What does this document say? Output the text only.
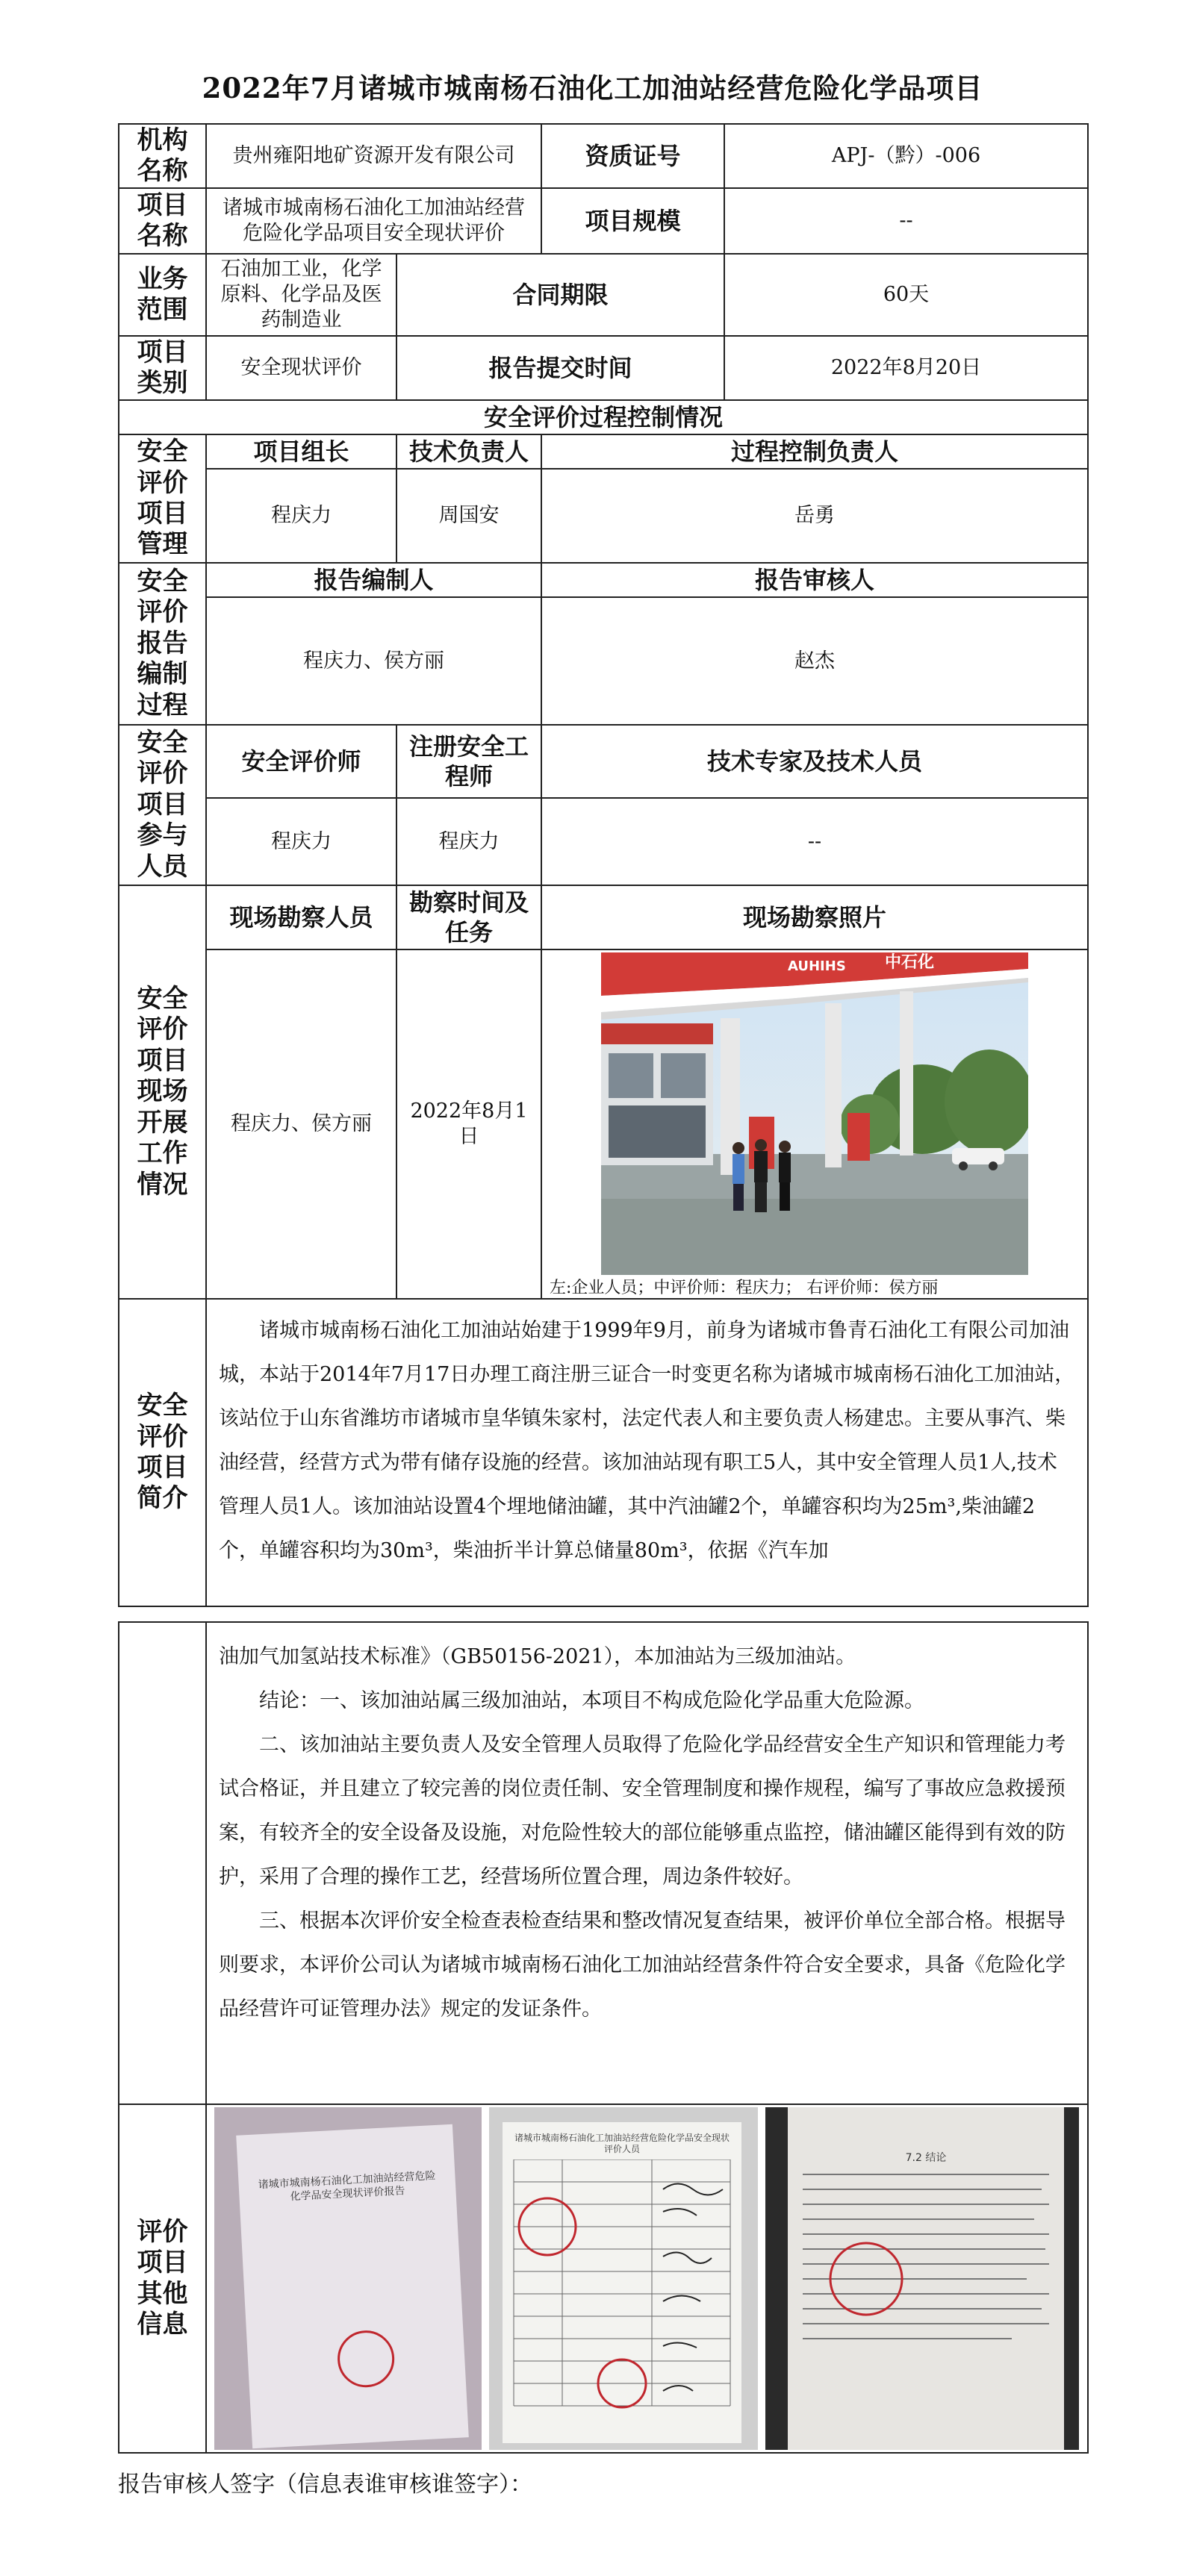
2022年7月诸城市城南杨石油化工加油站经营危险化学品项目
机构名称	贵州雍阳地矿资源开发有限公司		资质证号	APJ-（黔）-006
项目名称	诸城市城南杨石油化工加油站经营危险化学品项目安全现状评价		项目规模	--
业务范围	石油加工业，化学原料、化学品及医药制造业	合同期限		60天
项目类别	安全现状评价	报告提交时间		2022年8月20日
安全评价过程控制情况				
安全评价项目管理	项目组长	技术负责人	过程控制负责人	
	程庆力	周国安	岳勇	
安全评价报告编制过程	报告编制人		报告审核人	
	程庆力、侯方丽		赵杰	
安全评价项目参与人员	安全评价师	注册安全工程师	技术专家及技术人员	
	程庆力	程庆力	--	
安全评价项目现场开展工作情况	现场勘察人员	勘察时间及任务	现场勘察照片	
	程庆力、侯方丽	2022年8月1日	AUHIHS 中石化
左:企业人员；中评价师：程庆力； 右评价师：侯方丽	

安全评价项目简介	诸城市城南杨石油化工加油站始建于1999年9月，前身为诸城市鲁青石油化工有限公司加油城，本站于2014年7月17日办理工商注册三证合一时变更名称为诸城市城南杨石油化工加油站，该站位于山东省潍坊市诸城市皇华镇朱家村，法定代表人和主要负责人杨建忠。主要从事汽、柴油经营，经营方式为带有储存设施的经营。该加油站现有职工5人，其中安全管理人员1人,技术管理人员1人。该加油站设置4个埋地储油罐，其中汽油罐2个，单罐容积均为25m³,柴油罐2个，单罐容积均为30m³，柴油折半计算总储量80m³，依据《汽车加			

	油加气加氢站技术标准》（GB50156-2021），本加油站为三级加油站。

结论：一、该加油站属三级加油站，本项目不构成危险化学品重大危险源。

二、该加油站主要负责人及安全管理人员取得了危险化学品经营安全生产知识和管理能力考试合格证，并且建立了较完善的岗位责任制、安全管理制度和操作规程，编写了事故应急救援预案，有较齐全的安全设备及设施，对危险性较大的部位能够重点监控，储油罐区能得到有效的防护，采用了合理的操作工艺，经营场所位置合理，周边条件较好。

三、根据本次评价安全检查表检查结果和整改情况复查结果，被评价单位全部合格。根据导则要求，本评价公司认为诸城市城南杨石油化工加油站经营条件符合安全要求，具备《危险化学品经营许可证管理办法》规定的发证条件。

评价项目其他信息	诸城市城南杨石油化工加油站经营危险化学品安全现状评价报告
诸城市城南杨石油化工加油站经营危险化学品安全现状评价人员
7.2 结论
报告审核人签字（信息表谁审核谁签字）：
